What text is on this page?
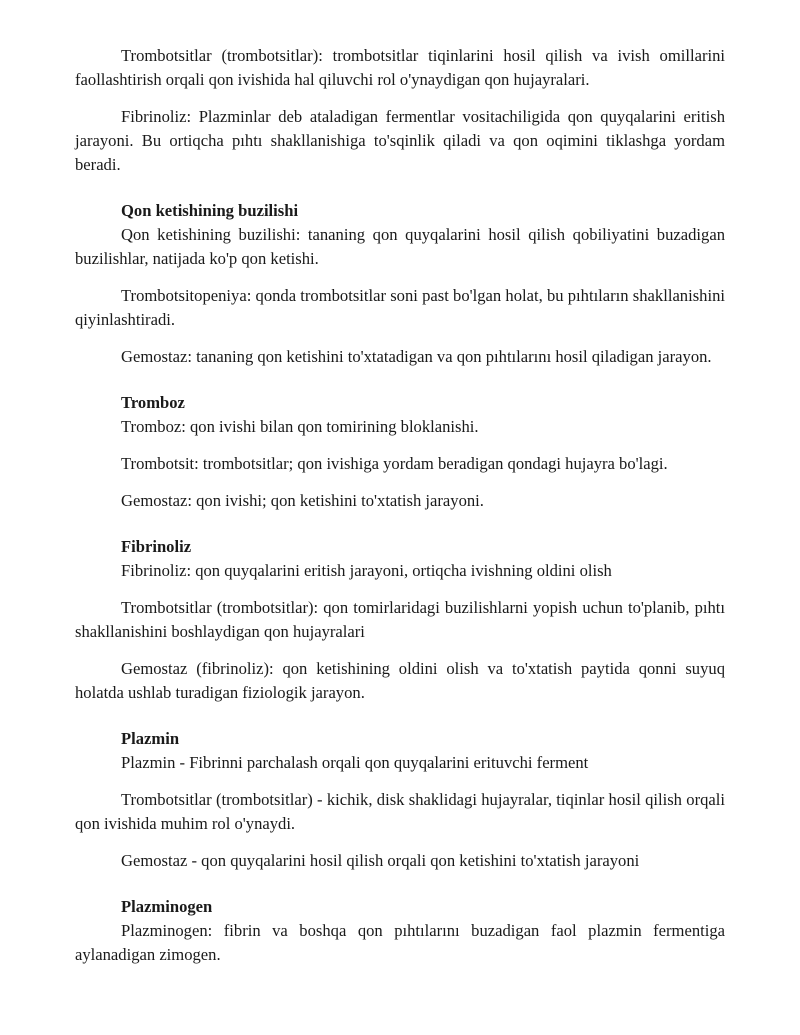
Trombotsitlar (trombotsitlar): trombotsitlar tiqinlarini hosil qilish va ivish omillarini faollashtirish orqali qon ivishida hal qiluvchi rol o'ynaydigan qon hujayralari.

Fibrinoliz: Plazminlar deb ataladigan fermentlar vositachiligida qon quyqalarini eritish jarayoni. Bu ortiqcha pıhtı shakllanishiga to'sqinlik qiladi va qon oqimini tiklashga yordam beradi.

Qon ketishining buzilishi

Qon ketishining buzilishi: tananing qon quyqalarini hosil qilish qobiliyatini buzadigan buzilishlar, natijada ko'p qon ketishi.

Trombotsitopeniya: qonda trombotsitlar soni past bo'lgan holat, bu pıhtıların shakllanishini qiyinlashtiradi.

Gemostaz: tananing qon ketishini to'xtatadigan va qon pıhtılarını hosil qiladigan jarayon.

Tromboz

Tromboz: qon ivishi bilan qon tomirining bloklanishi.

Trombotsit: trombotsitlar; qon ivishiga yordam beradigan qondagi hujayra bo'lagi.

Gemostaz: qon ivishi; qon ketishini to'xtatish jarayoni.

Fibrinoliz

Fibrinoliz: qon quyqalarini eritish jarayoni, ortiqcha ivishning oldini olish

Trombotsitlar (trombotsitlar): qon tomirlaridagi buzilishlarni yopish uchun to'planib, pıhtı shakllanishini boshlaydigan qon hujayralari

Gemostaz (fibrinoliz): qon ketishining oldini olish va to'xtatish paytida qonni suyuq holatda ushlab turadigan fiziologik jarayon.

Plazmin

Plazmin - Fibrinni parchalash orqali qon quyqalarini erituvchi ferment

Trombotsitlar (trombotsitlar) - kichik, disk shaklidagi hujayralar, tiqinlar hosil qilish orqali qon ivishida muhim rol o'ynaydi.

Gemostaz - qon quyqalarini hosil qilish orqali qon ketishini to'xtatish jarayoni

Plazminogen

Plazminogen: fibrin va boshqa qon pıhtılarını buzadigan faol plazmin fermentiga aylanadigan zimogen.
